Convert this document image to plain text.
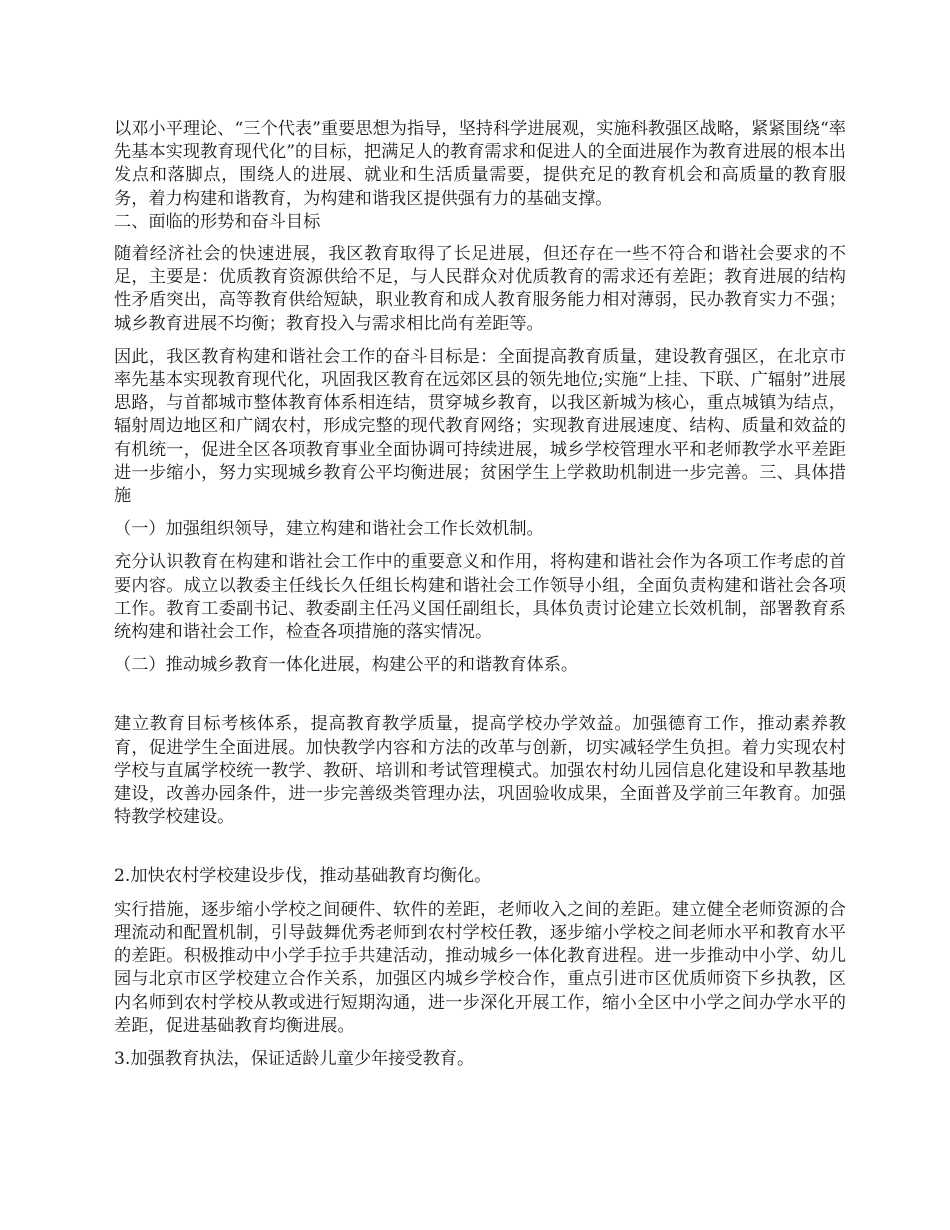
以邓小平理论、“三个代表”重要思想为指导，坚持科学进展观，实施科教强区战略，紧紧围绕“率先基本实现教育现代化”的目标，把满足人的教育需求和促进人的全面进展作为教育进展的根本出发点和落脚点，围绕人的进展、就业和生活质量需要，提供充足的教育机会和高质量的教育服务，着力构建和谐教育，为构建和谐我区提供强有力的基础支撑。

二、面临的形势和奋斗目标

随着经济社会的快速进展，我区教育取得了长足进展，但还存在一些不符合和谐社会要求的不足，主要是：优质教育资源供给不足，与人民群众对优质教育的需求还有差距；教育进展的结构性矛盾突出，高等教育供给短缺，职业教育和成人教育服务能力相对薄弱，民办教育实力不强；城乡教育进展不均衡；教育投入与需求相比尚有差距等。

因此，我区教育构建和谐社会工作的奋斗目标是：全面提高教育质量，建设教育强区，在北京市率先基本实现教育现代化，巩固我区教育在远郊区县的领先地位;实施“上挂、下联、广辐射”进展思路，与首都城市整体教育体系相连结，贯穿城乡教育，以我区新城为核心，重点城镇为结点，辐射周边地区和广阔农村，形成完整的现代教育网络；实现教育进展速度、结构、质量和效益的有机统一，促进全区各项教育事业全面协调可持续进展，城乡学校管理水平和老师教学水平差距进一步缩小，努力实现城乡教育公平均衡进展；贫困学生上学救助机制进一步完善。三、具体措施

（一）加强组织领导，建立构建和谐社会工作长效机制。

充分认识教育在构建和谐社会工作中的重要意义和作用，将构建和谐社会作为各项工作考虑的首要内容。成立以教委主任线长久任组长构建和谐社会工作领导小组，全面负责构建和谐社会各项工作。教育工委副书记、教委副主任冯义国任副组长，具体负责讨论建立长效机制，部署教育系统构建和谐社会工作，检查各项措施的落实情况。

（二）推动城乡教育一体化进展，构建公平的和谐教育体系。

建立教育目标考核体系，提高教育教学质量，提高学校办学效益。加强德育工作，推动素养教育，促进学生全面进展。加快教学内容和方法的改革与创新，切实减轻学生负担。着力实现农村学校与直属学校统一教学、教研、培训和考试管理模式。加强农村幼儿园信息化建设和早教基地建设，改善办园条件，进一步完善级类管理办法，巩固验收成果，全面普及学前三年教育。加强特教学校建设。

2.加快农村学校建设步伐，推动基础教育均衡化。

实行措施，逐步缩小学校之间硬件、软件的差距，老师收入之间的差距。建立健全老师资源的合理流动和配置机制，引导鼓舞优秀老师到农村学校任教，逐步缩小学校之间老师水平和教育水平的差距。积极推动中小学手拉手共建活动，推动城乡一体化教育进程。进一步推动中小学、幼儿园与北京市区学校建立合作关系，加强区内城乡学校合作，重点引进市区优质师资下乡执教，区内名师到农村学校从教或进行短期沟通，进一步深化开展工作，缩小全区中小学之间办学水平的差距，促进基础教育均衡进展。

3.加强教育执法，保证适龄儿童少年接受教育。
